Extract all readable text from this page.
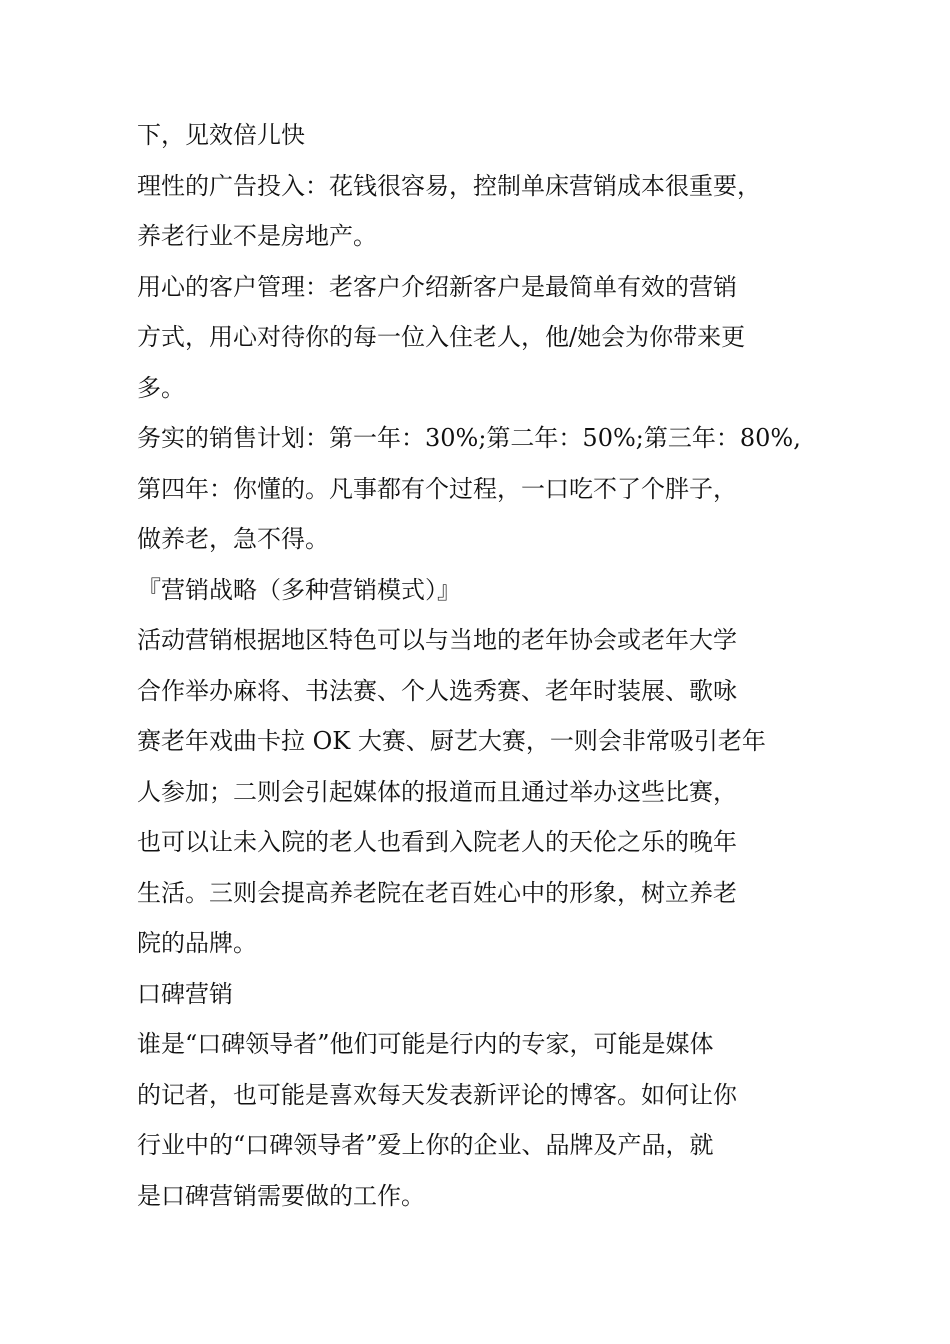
下，见效倍儿快
理性的广告投入：花钱很容易，控制单床营销成本很重要，
养老行业不是房地产。
用心的客户管理：老客户介绍新客户是最简单有效的营销
方式，用心对待你的每一位入住老人，他/她会为你带来更
多。
务实的销售计划：第一年：30%;第二年：50%;第三年：80%,
第四年：你懂的。凡事都有个过程，一口吃不了个胖子，
做养老，急不得。
『营销战略（多种营销模式）』
活动营销根据地区特色可以与当地的老年协会或老年大学
合作举办麻将、书法赛、个人选秀赛、老年时装展、歌咏
赛老年戏曲卡拉 OK 大赛、厨艺大赛，一则会非常吸引老年
人参加；二则会引起媒体的报道而且通过举办这些比赛，
也可以让未入院的老人也看到入院老人的天伦之乐的晚年
生活。三则会提高养老院在老百姓心中的形象，树立养老
院的品牌。
口碑营销
谁是“口碑领导者”他们可能是行内的专家，可能是媒体
的记者，也可能是喜欢每天发表新评论的博客。如何让你
行业中的“口碑领导者”爱上你的企业、品牌及产品，就
是口碑营销需要做的工作。
